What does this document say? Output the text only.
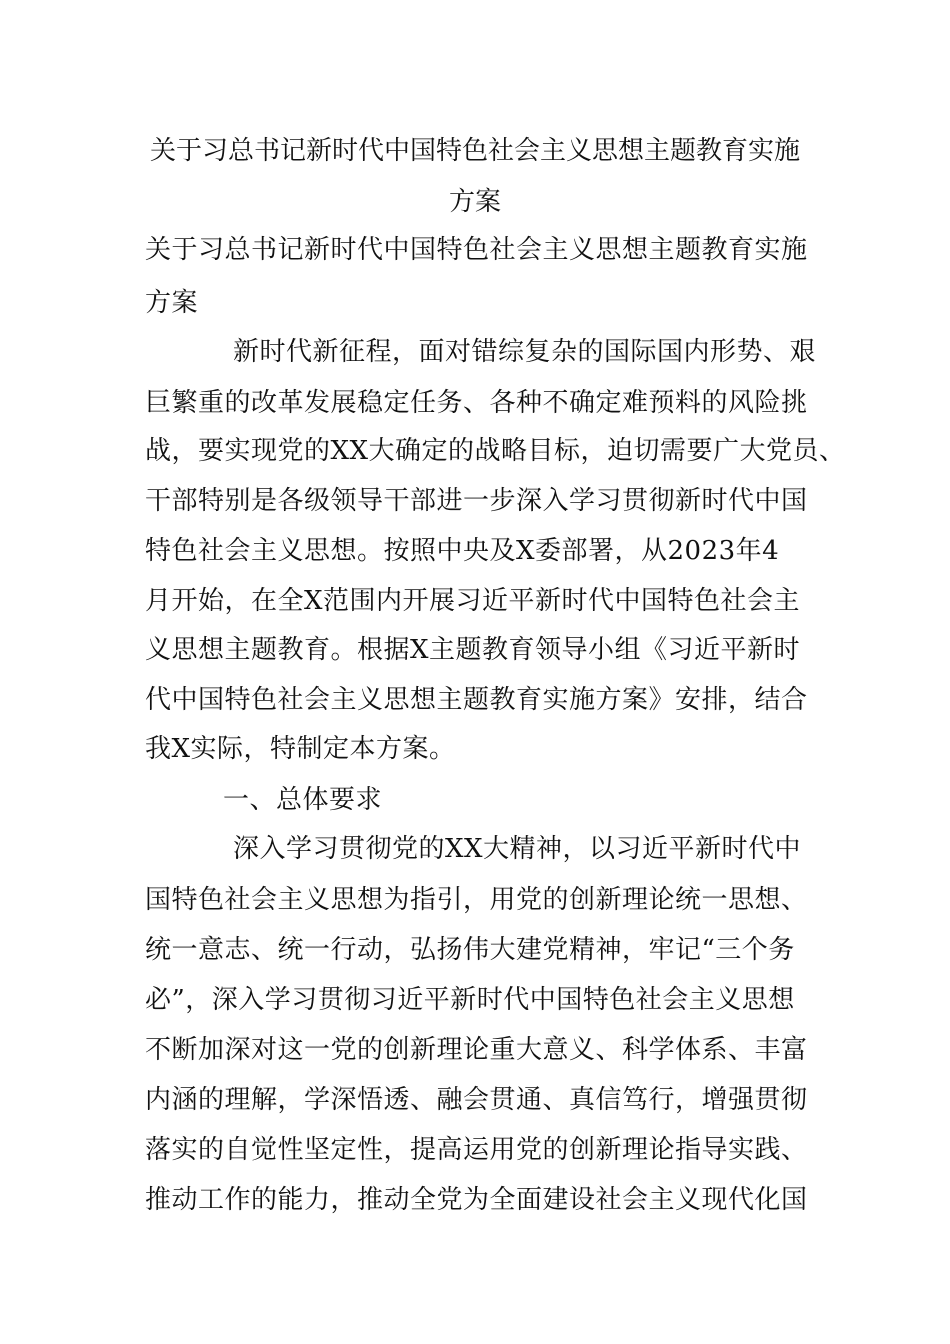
关于习总书记新时代中国特色社会主义思想主题教育实施
方案
关于习总书记新时代中国特色社会主义思想主题教育实施
方案
新时代新征程，面对错综复杂的国际国内形势、艰
巨繁重的改革发展稳定任务、各种不确定难预料的风险挑
战，要实现党的XX大确定的战略目标，迫切需要广大党员、
干部特别是各级领导干部进一步深入学习贯彻新时代中国
特色社会主义思想。按照中央及X委部署，从2023年4
月开始，在全X范围内开展习近平新时代中国特色社会主
义思想主题教育。根据X主题教育领导小组《习近平新时
代中国特色社会主义思想主题教育实施方案》安排，结合
我X实际，特制定本方案。
一、总体要求
深入学习贯彻党的XX大精神，以习近平新时代中
国特色社会主义思想为指引，用党的创新理论统一思想、
统一意志、统一行动，弘扬伟大建党精神，牢记“三个务
必”，深入学习贯彻习近平新时代中国特色社会主义思想
不断加深对这一党的创新理论重大意义、科学体系、丰富
内涵的理解，学深悟透、融会贯通、真信笃行，增强贯彻
落实的自觉性坚定性，提高运用党的创新理论指导实践、
推动工作的能力，推动全党为全面建设社会主义现代化国
